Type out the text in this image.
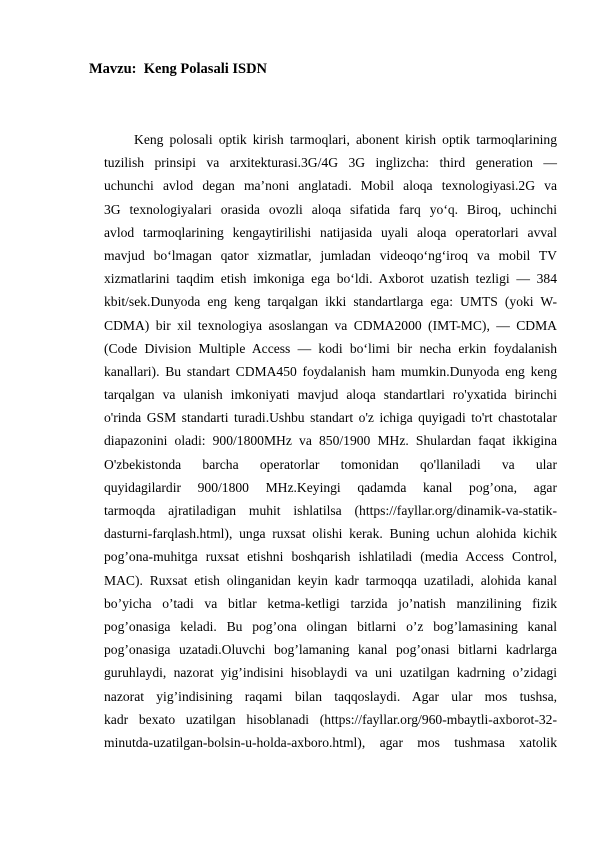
Mavzu:  Keng Polasali ISDN
Keng polosali optik kirish tarmoqlari, abonent kirish optik tarmoqlarining
tuzilish prinsipi va arxitekturasi.3G/4G 3G inglizcha: third generation —
uchunchi avlod degan ma’noni anglatadi. Mobil aloqa texnologiyasi.2G va
3G texnologiyalari orasida ovozli aloqa sifatida farq yo‘q. Biroq, uchinchi
avlod tarmoqlarining kengaytirilishi natijasida uyali aloqa operatorlari avval
mavjud bo‘lmagan qator xizmatlar, jumladan videoqo‘ng‘iroq va mobil TV
xizmatlarini taqdim etish imkoniga ega bo‘ldi. Axborot uzatish tezligi — 384
kbit/sek.Dunyoda eng keng tarqalgan ikki standartlarga ega: UMTS (yoki W-
CDMA) bir xil texnologiya asoslangan va CDMA2000 (IMT-MC), — CDMA
(Code Division Multiple Access — kodi bo‘limi bir necha erkin foydalanish
kanallari). Bu standart CDMA450 foydalanish ham mumkin.Dunyoda eng keng
tarqalgan va ulanish imkoniyati mavjud aloqa standartlari ro'yxatida birinchi
o'rinda GSM standarti turadi.Ushbu standart o'z ichiga quyigadi to'rt chastotalar
diapazonini oladi: 900/1800MHz va 850/1900 MHz. Shulardan faqat ikkigina
O'zbekistonda barcha operatorlar tomonidan qo'llaniladi va ular
quyidagilardir 900/1800 MHz.Keyingi qadamda kanal pog’ona, agar
tarmoqda ajratiladigan muhit ishlatilsa (https://fayllar.org/dinamik-va-statik-
dasturni-farqlash.html), unga ruxsat olishi kerak. Buning uchun alohida kichik
pog’ona-muhitga ruxsat etishni boshqarish ishlatiladi (media Access Control,
MAC). Ruxsat etish olinganidan keyin kadr tarmoqqa uzatiladi, alohida kanal
bo’yicha o’tadi va bitlar ketma-ketligi tarzida jo’natish manzilining fizik
pog’onasiga keladi. Bu pog’ona olingan bitlarni o’z bog’lamasining kanal
pog’onasiga uzatadi.Oluvchi bog’lamaning kanal pog’onasi bitlarni kadrlarga
guruhlaydi, nazorat yig’indisini hisoblaydi va uni uzatilgan kadrning o’zidagi
nazorat yig’indisining raqami bilan taqqoslaydi. Agar ular mos tushsa,
kadr bexato uzatilgan hisoblanadi (https://fayllar.org/960-mbaytli-axborot-32-
minutda-uzatilgan-bolsin-u-holda-axboro.html), agar mos tushmasa xatolik
